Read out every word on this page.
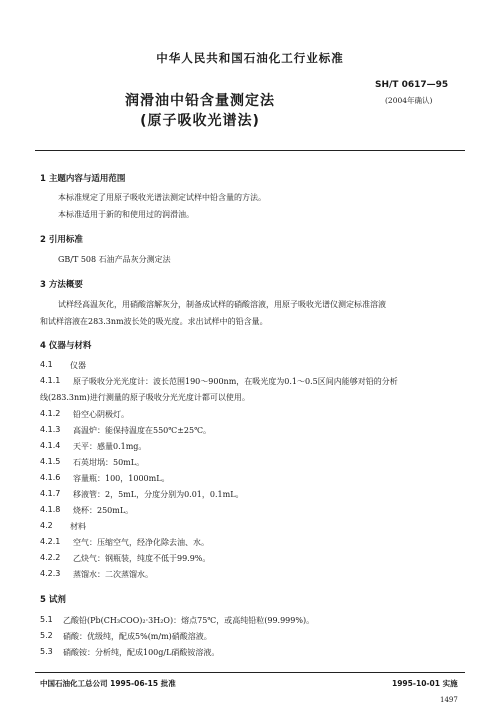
中华人民共和国石油化工行业标准
润滑油中铅含量测定法
(原子吸收光谱法)
SH/T 0617—95
(2004年确认)
1 主题内容与适用范围
本标准规定了用原子吸收光谱法测定试样中铅含量的方法。
本标准适用于新的和使用过的润滑油。
2 引用标准
GB/T 508 石油产品灰分测定法
3 方法概要
试样经高温灰化，用硝酸溶解灰分，制备成试样的硝酸溶液，用原子吸收光谱仪测定标准溶液
和试样溶液在283.3nm波长处的吸光度。求出试样中的铅含量。
4 仪器与材料
4.1 仪器
4.1.1 原子吸收分光光度计：波长范围190～900nm，在吸光度为0.1～0.5区间内能够对铅的分析
线(283.3nm)进行测量的原子吸收分光光度计都可以使用。
4.1.2 铅空心阴极灯。
4.1.3 高温炉：能保持温度在550℃±25℃。
4.1.4 天平：感量0.1mg。
4.1.5 石英坩埚：50mL。
4.1.6 容量瓶：100，1000mL。
4.1.7 移液管：2，5mL，分度分别为0.01，0.1mL。
4.1.8 烧杯：250mL。
4.2 材料
4.2.1 空气：压缩空气，经净化除去油、水。
4.2.2 乙炔气：钢瓶装，纯度不低于99.9%。
4.2.3 蒸馏水：二次蒸馏水。
5 试剂
5.1 乙酸铅(Pb(CH₃COO)₂·3H₂O)：熔点75℃，或高纯铅粒(99.999%)。
5.2 硝酸：优级纯，配成5%(m/m)硝酸溶液。
5.3 硝酸铵：分析纯，配成100g/L硝酸铵溶液。
中国石油化工总公司 1995-06-15 批准	1995-10-01 实施
1497
